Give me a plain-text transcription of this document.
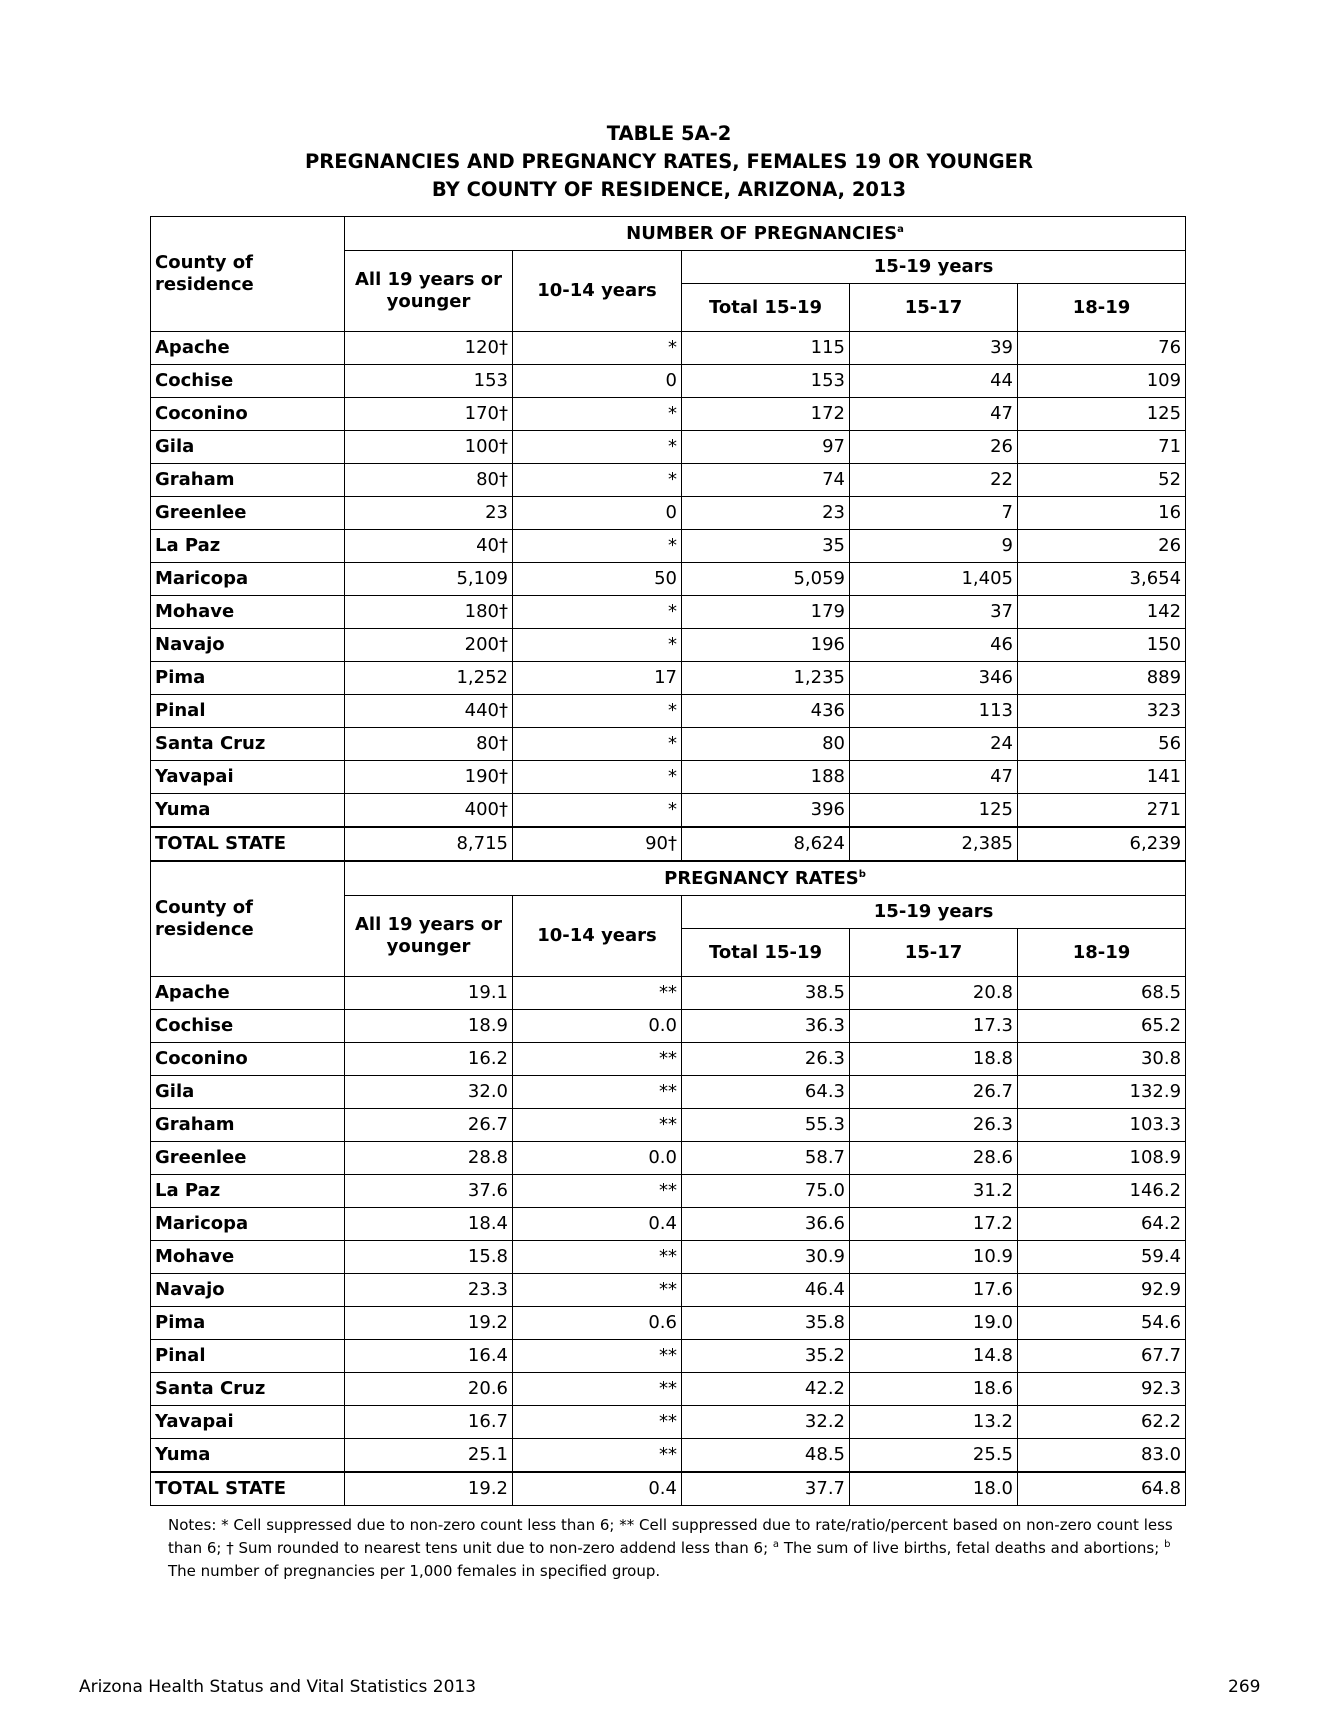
TABLE 5A-2
PREGNANCIES AND PREGNANCY RATES, FEMALES 19 OR YOUNGER
BY COUNTY OF RESIDENCE, ARIZONA, 2013
County of residence	NUMBER OF PREGNANCIES$^a$
	All 19 years or younger	10-14 years	15-19 years		
			Total 15-19	15-17	18-19
Apache	120†	*	115	39	76
Cochise	153	0	153	44	109
Coconino	170†	*	172	47	125
Gila	100†	*	97	26	71
Graham	80†	*	74	22	52
Greenlee	23	0	23	7	16
La Paz	40†	*	35	9	26
Maricopa	5,109	50	5,059	1,405	3,654
Mohave	180†	*	179	37	142
Navajo	200†	*	196	46	150
Pima	1,252	17	1,235	346	889
Pinal	440†	*	436	113	323
Santa Cruz	80†	*	80	24	56
Yavapai	190†	*	188	47	141
Yuma	400†	*	396	125	271
TOTAL STATE	8,715	90†	8,624	2,385	6,239
County of residence	PREGNANCY RATES$^b$
	All 19 years or younger	10-14 years	15-19 years		
			Total 15-19	15-17	18-19
Apache	19.1	**	38.5	20.8	68.5
Cochise	18.9	0.0	36.3	17.3	65.2
Coconino	16.2	**	26.3	18.8	30.8
Gila	32.0	**	64.3	26.7	132.9
Graham	26.7	**	55.3	26.3	103.3
Greenlee	28.8	0.0	58.7	28.6	108.9
La Paz	37.6	**	75.0	31.2	146.2
Maricopa	18.4	0.4	36.6	17.2	64.2
Mohave	15.8	**	30.9	10.9	59.4
Navajo	23.3	**	46.4	17.6	92.9
Pima	19.2	0.6	35.8	19.0	54.6
Pinal	16.4	**	35.2	14.8	67.7
Santa Cruz	20.6	**	42.2	18.6	92.3
Yavapai	16.7	**	32.2	13.2	62.2
Yuma	25.1	**	48.5	25.5	83.0
TOTAL STATE	19.2	0.4	37.7	18.0	64.8
Notes: * Cell suppressed due to non-zero count less than 6; ** Cell suppressed due to rate/ratio/percent based on non-zero count less than 6; † Sum rounded to nearest tens unit due to non-zero addend less than 6; $^a$ The sum of live births, fetal deaths and abortions; $^b$ The number of pregnancies per 1,000 females in specified group.
Arizona Health Status and Vital Statistics 2013	269
